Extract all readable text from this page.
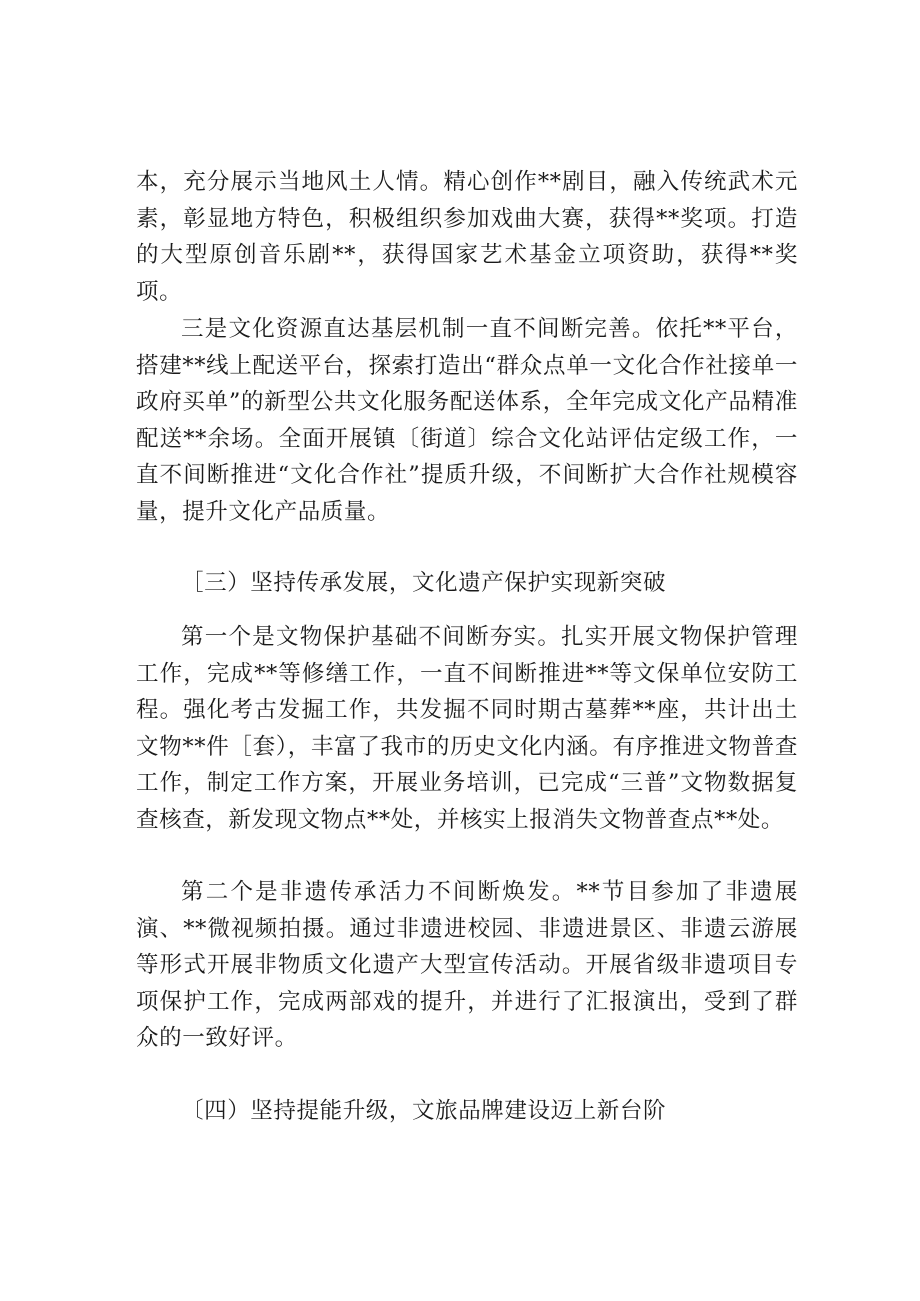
本，充分展示当地风土人情。精心创作**剧目，融入传统武术元素，彰显地方特色，积极组织参加戏曲大赛，获得**奖项。打造的大型原创音乐剧**，获得国家艺术基金立项资助，获得**奖项。

三是文化资源直达基层机制一直不间断完善。依托**平台，搭建**线上配送平台，探索打造出“群众点单一文化合作社接单一政府买单”的新型公共文化服务配送体系，全年完成文化产品精准配送**余场。全面开展镇〔街道〕综合文化站评估定级工作，一直不间断推进“文化合作社”提质升级，不间断扩大合作社规模容量，提升文化产品质量。

［三）坚持传承发展，文化遗产保护实现新突破

第一个是文物保护基础不间断夯实。扎实开展文物保护管理工作，完成**等修缮工作，一直不间断推进**等文保单位安防工程。强化考古发掘工作，共发掘不同时期古墓葬**座，共计出土文物**件［套），丰富了我市的历史文化内涵。有序推进文物普查工作，制定工作方案，开展业务培训，已完成“三普”文物数据复查核查，新发现文物点**处，并核实上报消失文物普查点**处。

第二个是非遗传承活力不间断焕发。**节目参加了非遗展演、**微视频拍摄。通过非遗进校园、非遗进景区、非遗云游展等形式开展非物质文化遗产大型宣传活动。开展省级非遗项目专项保护工作，完成两部戏的提升，并进行了汇报演出，受到了群众的一致好评。

〔四）坚持提能升级，文旅品牌建设迈上新台阶
